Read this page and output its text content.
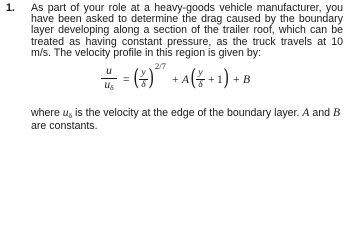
1. As part of your role at a heavy-goods vehicle manufacturer, you have been asked to determine the drag caused by the boundary layer developing along a section of the trailer roof, which can be treated as having constant pressure, as the truck travels at 10 m/s. The velocity profile in this region is given by:

u
$u_\delta$
= ( y
δ ) 2/7
+ A ( y
δ + 1 ) + B

where $u_\delta$ is the velocity at the edge of the boundary layer. A and B are constants.
